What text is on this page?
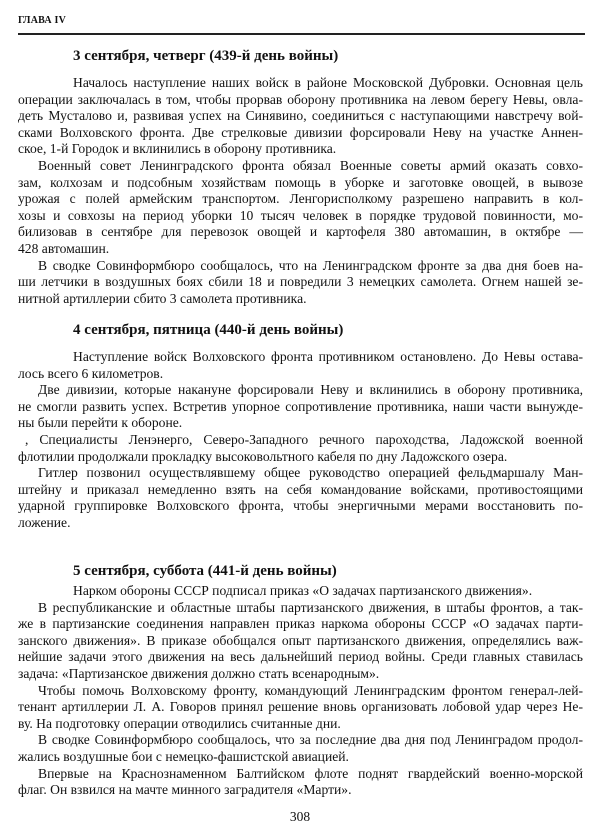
ГЛАВА IV
3 сентября, четверг (439-й день войны)
Началось наступление наших войск в районе Московской Дубровки. Основная цель
операции заключалась в том, чтобы прорвав оборону противника на левом берегу Невы, овла-
деть Мусталово и, развивая успех на Синявино, соединиться с наступающими навстречу вой-
сками Волховского фронта. Две стрелковые дивизии форсировали Неву на участке Аннен-
ское, 1-й Городок и вклинились в оборону противника.
Военный совет Ленинградского фронта обязал Военные советы армий оказать совхо-
зам, колхозам и подсобным хозяйствам помощь в уборке и заготовке овощей, в вывозе
урожая с полей армейским транспортом. Ленгорисполкому разрешено направить в кол-
хозы и совхозы на период уборки 10 тысяч человек в порядке трудовой повинности, мо-
билизовав в сентябре для перевозок овощей и картофеля 380 автомашин, в октябре —
428 автомашин.
В сводке Совинформбюро сообщалось, что на Ленинградском фронте за два дня боев на-
ши летчики в воздушных боях сбили 18 и повредили 3 немецких самолета. Огнем нашей зе-
нитной артиллерии сбито 3 самолета противника.
4 сентября, пятница (440-й день войны)
Наступление войск Волховского фронта противником остановлено. До Невы остава-
лось всего 6 километров.
Две дивизии, которые накануне форсировали Неву и вклинились в оборону противника,
не смогли развить успех. Встретив упорное сопротивление противника, наши части вынужде-
ны были перейти к обороне.
, Специалисты Ленэнерго, Северо-Западного речного пароходства, Ладожской военной
флотилии продолжали прокладку высоковольтного кабеля по дну Ладожского озера.
Гитлер позвонил осуществлявшему общее руководство операцией фельдмаршалу Ман-
штейну и приказал немедленно взять на себя командование войсками, противостоящими
ударной группировке Волховского фронта, чтобы энергичными мерами восстановить по-
ложение.
5 сентября, суббота (441-й день войны)
Нарком обороны СССР подписал приказ «О задачах партизанского движения».
В республиканские и областные штабы партизанского движения, в штабы фронтов, а так-
же в партизанские соединения направлен приказ наркома обороны СССР «О задачах парти-
занского движения». В приказе обобщался опыт партизанского движения, определялись важ-
нейшие задачи этого движения на весь дальнейший период войны. Среди главных ставилась
задача: «Партизанское движения должно стать всенародным».
Чтобы помочь Волховскому фронту, командующий Ленинградским фронтом генерал-лей-
тенант артиллерии Л. А. Говоров принял решение вновь организовать лобовой удар через Не-
ву. На подготовку операции отводились считанные дни.
В сводке Совинформбюро сообщалось, что за последние два дня под Ленинградом продол-
жались воздушные бои с немецко-фашистской авиацией.
Впервые на Краснознаменном Балтийском флоте поднят гвардейский военно-морской
флаг. Он взвился на мачте минного заградителя «Марти».
308
